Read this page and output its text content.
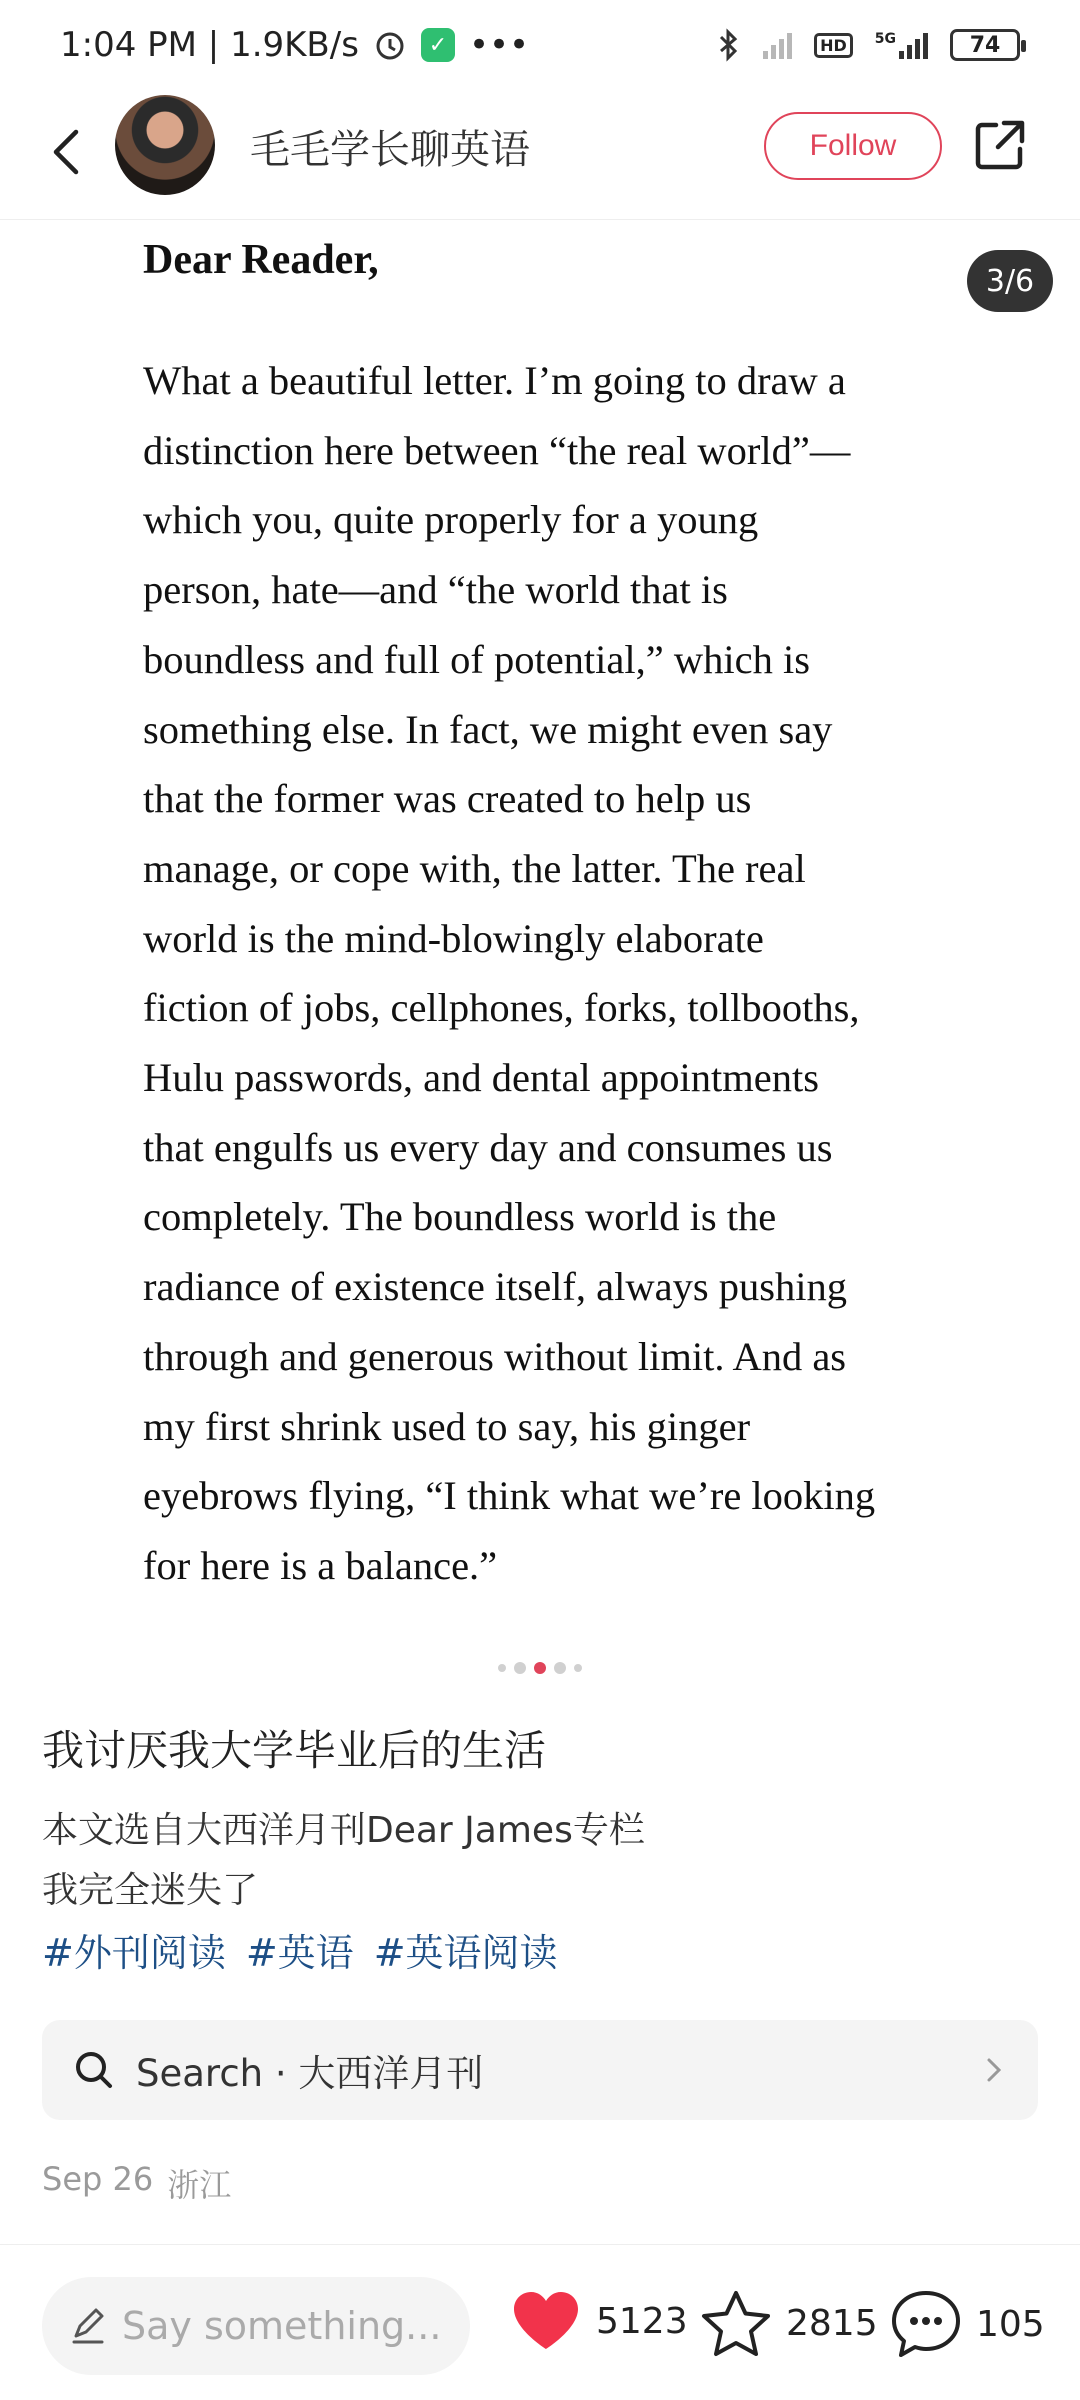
1:04 PM | 1.9KB/s	✓ •••	HD	5G	74
毛毛学长聊英语	Follow
Dear Reader,	3/6
What a beautiful letter. I’m going to draw a
distinction here between “the real world”—
which you, quite properly for a young
person, hate—and “the world that is
boundless and full of potential,” which is
something else. In fact, we might even say
that the former was created to help us
manage, or cope with, the latter. The real
world is the mind-blowingly elaborate
fiction of jobs, cellphones, forks, tollbooths,
Hulu passwords, and dental appointments
that engulfs us every day and consumes us
completely. The boundless world is the
radiance of existence itself, always pushing
through and generous without limit. And as
my first shrink used to say, his ginger
eyebrows flying, “I think what we’re looking
for here is a balance.”
我讨厌我大学毕业后的生活
本文选自大西洋月刊Dear James专栏
我完全迷失了
#外刊阅读 #英语 #英语阅读
Search · 大西洋月刊
Sep 26 浙江
Say something...	5123	2815	105
